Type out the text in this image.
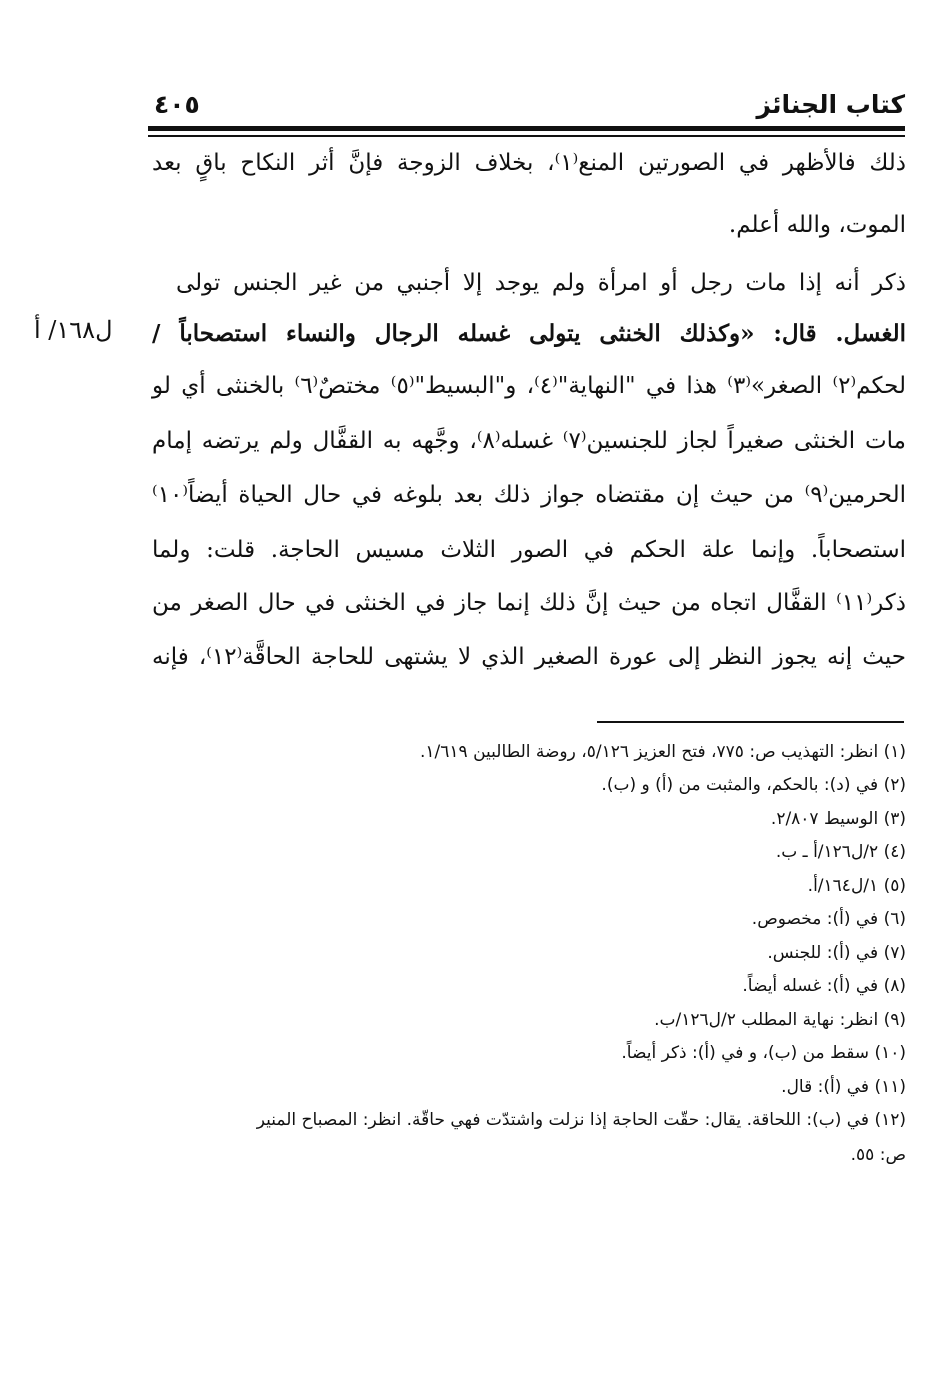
كتاب الجنائز
٤٠٥
ل١٦٨/ أ
ذلك فالأظهر في الصورتين المنع⁽١⁾، بخلاف الزوجة فإنَّ أثر النكاح باقٍ بعد
الموت، والله أعلم.
ذكر أنه إذا مات رجل أو امرأة ولم يوجد إلا أجنبي من غير الجنس تولى
الغسل. قال: «وكذلك الخنثى يتولى غسله الرجال والنساء استصحاباً /
لحكم⁽٢⁾ الصغر»⁽٣⁾ هذا في "النهاية"⁽٤⁾، و"البسيط"⁽٥⁾ مختصٌ⁽٦⁾ بالخنثى أي لو
مات الخنثى صغيراً لجاز للجنسين⁽٧⁾ غسله⁽٨⁾، وجَّهه به القفَّال ولم يرتضه إمام
الحرمين⁽٩⁾ من حيث إن مقتضاه جواز ذلك بعد بلوغه في حال الحياة أيضاً⁽١٠⁾
استصحاباً. وإنما علة الحكم في الصور الثلاث مسيس الحاجة. قلت: ولما
ذكر⁽١١⁾ القفَّال اتجاه من حيث إنَّ ذلك إنما جاز في الخنثى في حال الصغر من
حيث إنه يجوز النظر إلى عورة الصغير الذي لا يشتهى للحاجة الحاقَّة⁽١٢⁾، فإنه
(١) انظر: التهذيب ص: ٧٧٥، فتح العزيز ٥/١٢٦، روضة الطالبين ١/٦١٩.
(٢) في (د): بالحكم، والمثبت من (أ) و (ب).
(٣) الوسيط ٢/٨٠٧.
(٤) ٢/ل١٢٦/أ ـ ب.
(٥) ١/ل١٦٤/أ.
(٦) في (أ): مخصوص.
(٧) في (أ): للجنس.
(٨) في (أ): غسله أيضاً.
(٩) انظر: نهاية المطلب ٢/ل١٢٦/ب.
(١٠) سقط من (ب)، و في (أ): ذكر أيضاً.
(١١) في (أ): قال.
(١٢) في (ب): اللحاقة. يقال: حقّت الحاجة إذا نزلت واشتدّت فهي حاقّة. انظر: المصباح المنير
ص: ٥٥.
